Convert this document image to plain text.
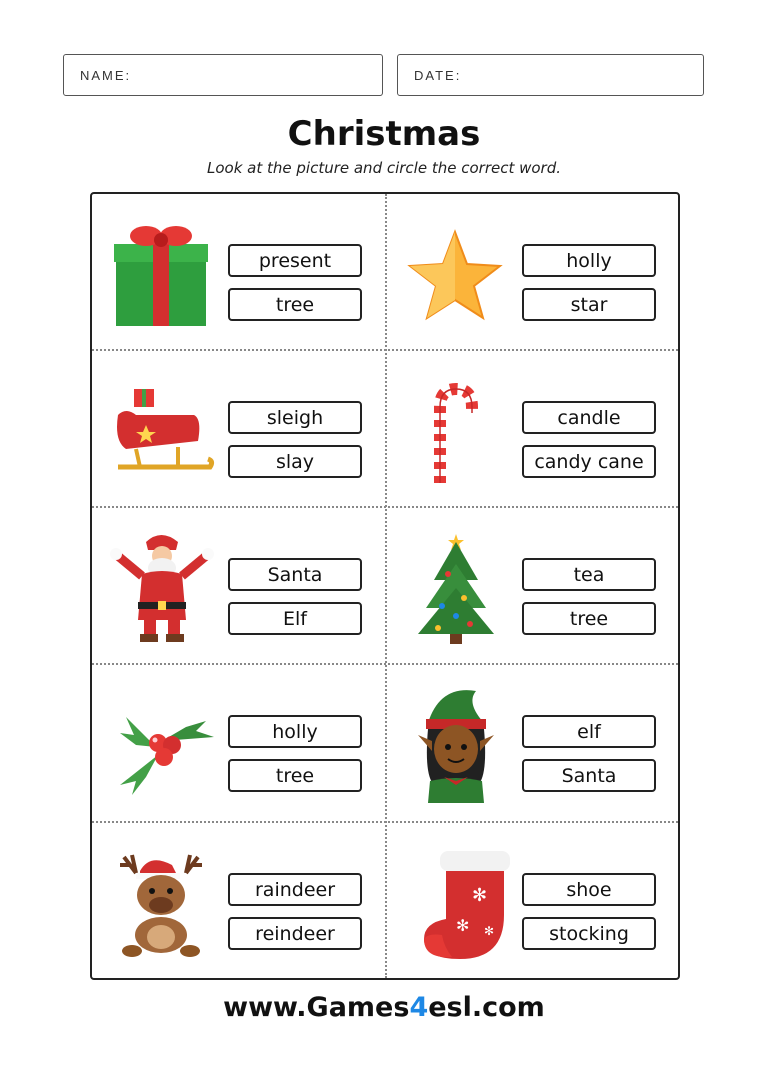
NAME:	DATE:
Christmas
Look at the picture and circle the correct word.
present
tree
holly
star
sleigh
slay
candle
candy cane
Santa
Elf
tea
tree
holly
tree
elf
Santa
raindeer
reindeer
✻
✻ ✻
shoe
stocking
www.Games4esl.com
